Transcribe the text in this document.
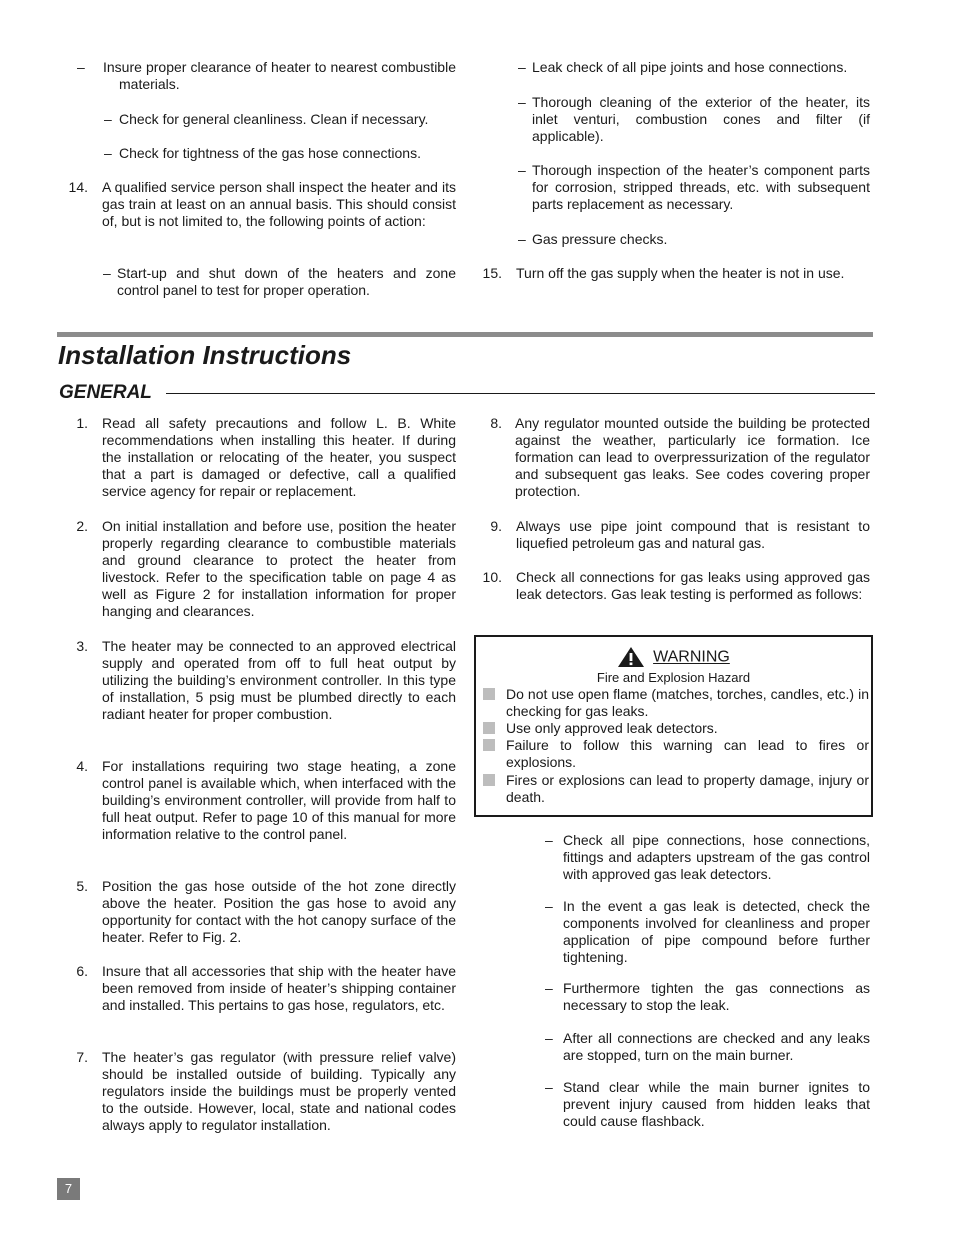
– Insure proper clearance of heater to nearest combustible materials.
– Check for general cleanliness. Clean if necessary.
– Check for tightness of the gas hose connections.
14. A qualified service person shall inspect the heater and its gas train at least on an annual basis. This should consist of, but is not limited to, the following points of action:
– Start-up and shut down of the heaters and zone control panel to test for proper operation.
– Leak check of all pipe joints and hose connections.
– Thorough cleaning of the exterior of the heater, its inlet venturi, combustion cones and filter (if applicable).
– Thorough inspection of the heater’s component parts for corrosion, stripped threads, etc. with subsequent parts replacement as necessary.
– Gas pressure checks.
15. Turn off the gas supply when the heater is not in use.
Installation Instructions
GENERAL
1. Read all safety precautions and follow L. B. White recommendations when installing this heater. If during the installation or relocating of the heater, you suspect that a part is damaged or defective, call a qualified service agency for repair or replacement.
2. On initial installation and before use, position the heater properly regarding clearance to combustible materials and ground clearance to protect the heater from livestock. Refer to the specification table on page 4 as well as Figure 2 for installation information for proper hanging and clearances.
3. The heater may be connected to an approved electrical supply and operated from off to full heat output by utilizing the building’s environment controller. In this type of installation, 5 psig must be plumbed directly to each radiant heater for proper combustion.
4. For installations requiring two stage heating, a zone control panel is available which, when interfaced with the building’s environment controller, will provide from half to full heat output. Refer to page 10 of this manual for more information relative to the control panel.
5. Position the gas hose outside of the hot zone directly above the heater. Position the gas hose to avoid any opportunity for contact with the hot canopy surface of the heater. Refer to Fig. 2.
6. Insure that all accessories that ship with the heater have been removed from inside of heater’s shipping container and installed. This pertains to gas hose, regulators, etc.
7. The heater’s gas regulator (with pressure relief valve) should be installed outside of building. Typically any regulators inside the buildings must be properly vented to the outside. However, local, state and national codes always apply to regulator installation.
8. Any regulator mounted outside the building be protected against the weather, particularly ice formation. Ice formation can lead to overpressurization of the regulator and subsequent gas leaks. See codes covering proper protection.
9. Always use pipe joint compound that is resistant to liquefied petroleum gas and natural gas.
10. Check all connections for gas leaks using approved gas leak detectors. Gas leak testing is performed as follows:
WARNING
Fire and Explosion Hazard
Do not use open flame (matches, torches, candles, etc.) in checking for gas leaks.
Use only approved leak detectors.
Failure to follow this warning can lead to fires or explosions.
Fires or explosions can lead to property damage, injury or death.
– Check all pipe connections, hose connections, fittings and adapters upstream of the gas control with approved gas leak detectors.
– In the event a gas leak is detected, check the components involved for cleanliness and proper application of pipe compound before further tightening.
– Furthermore tighten the gas connections as necessary to stop the leak.
– After all connections are checked and any leaks are stopped, turn on the main burner.
– Stand clear while the main burner ignites to prevent injury caused from hidden leaks that could cause flashback.
7
